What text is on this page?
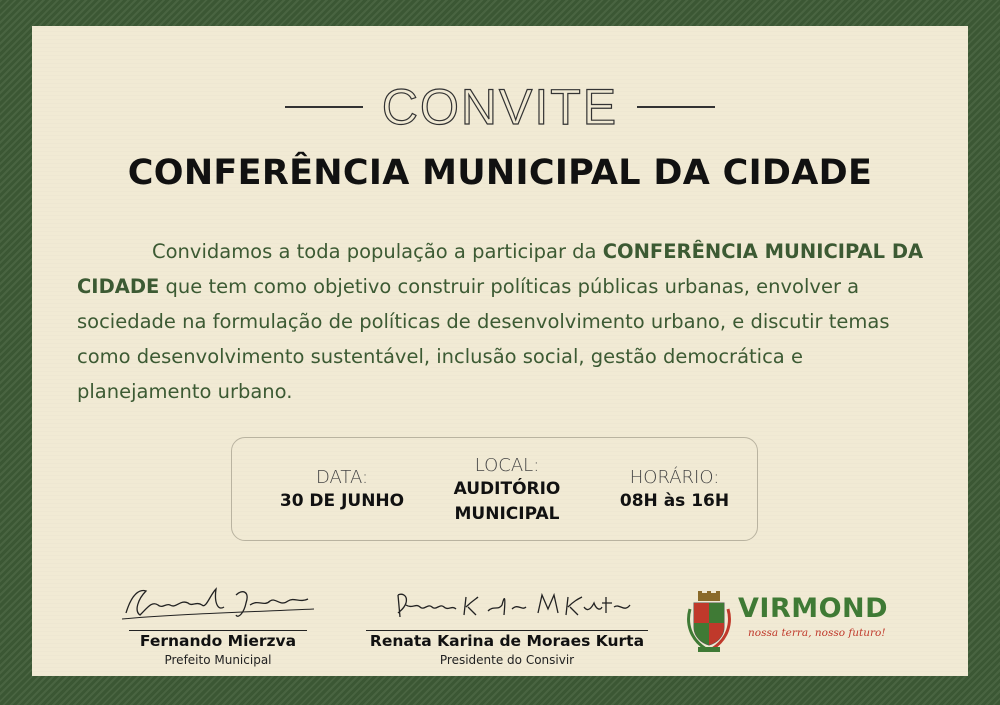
CONVITE
CONFERÊNCIA MUNICIPAL DA CIDADE
Convidamos a toda população a participar da CONFERÊNCIA MUNICIPAL DA CIDADE que tem como objetivo construir políticas públicas urbanas, envolver a sociedade na formulação de políticas de desenvolvimento urbano, e discutir temas como desenvolvimento sustentável, inclusão social, gestão democrática e planejamento urbano.
DATA:
30 DE JUNHO
LOCAL:
AUDITÓRIO
MUNICIPAL
HORÁRIO:
08H às 16H
Fernando Mierzva
Prefeito Municipal
Renata Karina de Moraes Kurta
Presidente do Consivir
VIRMOND
nossa terra, nosso futuro!
